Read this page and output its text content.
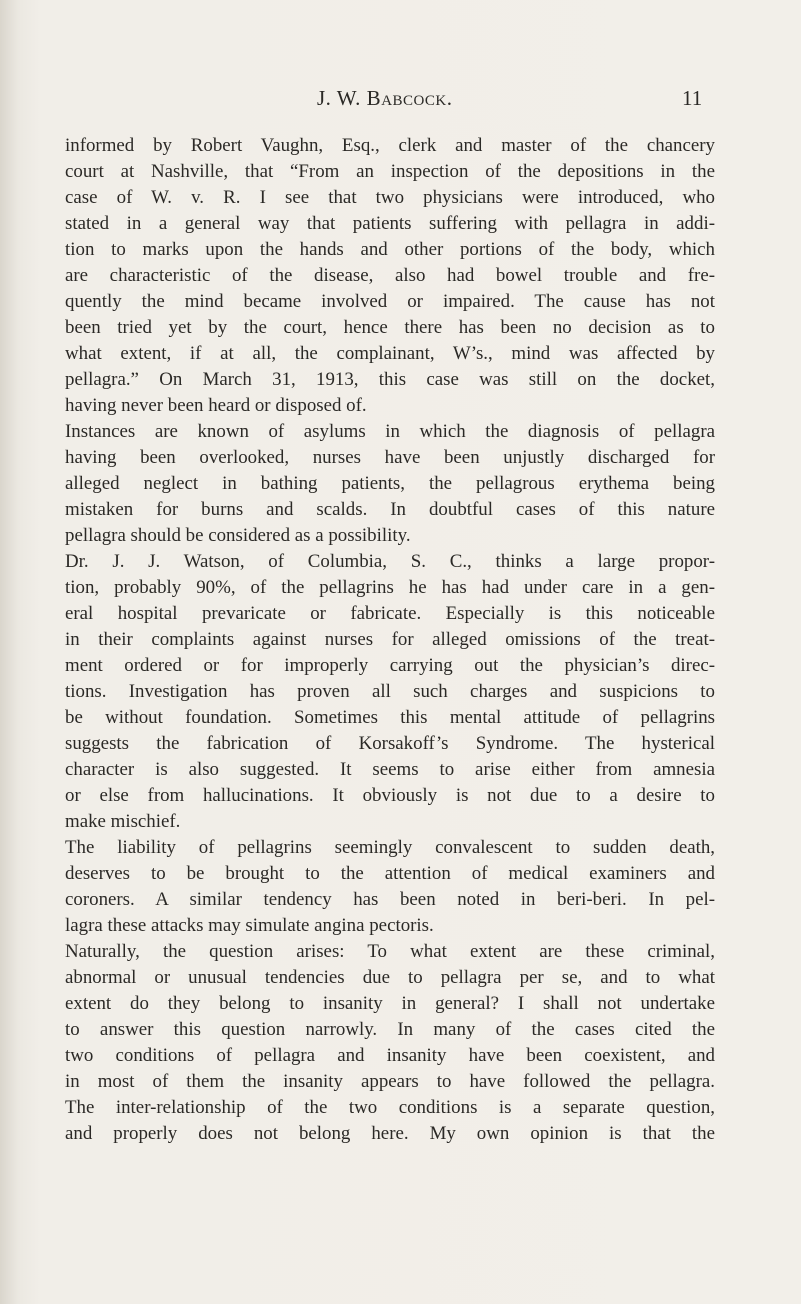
J. W. Babcock.	11
informed by Robert Vaughn, Esq., clerk and master of the chancery
court at Nashville, that “From an inspection of the depositions in the
case of W. v. R. I see that two physicians were introduced, who
stated in a general way that patients suffering with pellagra in addi-
tion to marks upon the hands and other portions of the body, which
are characteristic of the disease, also had bowel trouble and fre-
quently the mind became involved or impaired. The cause has not
been tried yet by the court, hence there has been no decision as to
what extent, if at all, the complainant, W’s., mind was affected by
pellagra.” On March 31, 1913, this case was still on the docket,
having never been heard or disposed of.
Instances are known of asylums in which the diagnosis of pellagra
having been overlooked, nurses have been unjustly discharged for
alleged neglect in bathing patients, the pellagrous erythema being
mistaken for burns and scalds. In doubtful cases of this nature
pellagra should be considered as a possibility.
Dr. J. J. Watson, of Columbia, S. C., thinks a large propor-
tion, probably 90%, of the pellagrins he has had under care in a gen-
eral hospital prevaricate or fabricate. Especially is this noticeable
in their complaints against nurses for alleged omissions of the treat-
ment ordered or for improperly carrying out the physician’s direc-
tions. Investigation has proven all such charges and suspicions to
be without foundation. Sometimes this mental attitude of pellagrins
suggests the fabrication of Korsakoff’s Syndrome. The hysterical
character is also suggested. It seems to arise either from amnesia
or else from hallucinations. It obviously is not due to a desire to
make mischief.
The liability of pellagrins seemingly convalescent to sudden death,
deserves to be brought to the attention of medical examiners and
coroners. A similar tendency has been noted in beri-beri. In pel-
lagra these attacks may simulate angina pectoris.
Naturally, the question arises: To what extent are these criminal,
abnormal or unusual tendencies due to pellagra per se, and to what
extent do they belong to insanity in general? I shall not undertake
to answer this question narrowly. In many of the cases cited the
two conditions of pellagra and insanity have been coexistent, and
in most of them the insanity appears to have followed the pellagra.
The inter-relationship of the two conditions is a separate question,
and properly does not belong here. My own opinion is that the
